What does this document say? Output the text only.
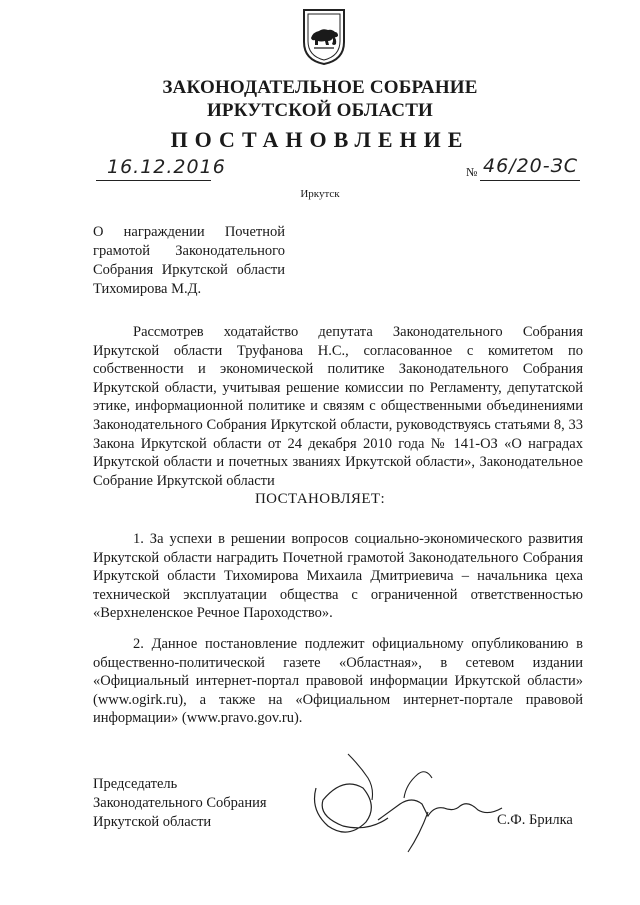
ЗАКОНОДАТЕЛЬНОЕ СОБРАНИЕ
ИРКУТСКОЙ ОБЛАСТИ
ПОСТАНОВЛЕНИЕ
16.12.2016	№ 46/20-ЗС
Иркутск
О награждении Почетной грамотой Законодательного Собрания Иркутской области Тихомирова М.Д.
Рассмотрев ходатайство депутата Законодательного Собрания Иркутской области Труфанова Н.С., согласованное с комитетом по собственности и экономической политике Законодательного Собрания Иркутской области, учитывая решение комиссии по Регламенту, депутатской этике, информационной политике и связям с общественными объединениями Законодательного Собрания Иркутской области, руководствуясь статьями 8, 33 Закона Иркутской области от 24 декабря 2010 года № 141-ОЗ «О наградах Иркутской области и почетных званиях Иркутской области», Законодательное Собрание Иркутской области
ПОСТАНОВЛЯЕТ:
1. За успехи в решении вопросов социально-экономического развития Иркутской области наградить Почетной грамотой Законодательного Собрания Иркутской области Тихомирова Михаила Дмитриевича – начальника цеха технической эксплуатации общества с ограниченной ответственностью «Верхнеленское Речное Пароходство».
2. Данное постановление подлежит официальному опубликованию в общественно-политической газете «Областная», в сетевом издании «Официальный интернет-портал правовой информации Иркутской области» (www.ogirk.ru), а также на «Официальном интернет-портале правовой информации» (www.pravo.gov.ru).
Председатель
Законодательного Собрания
Иркутской области	С.Ф. Брилка
